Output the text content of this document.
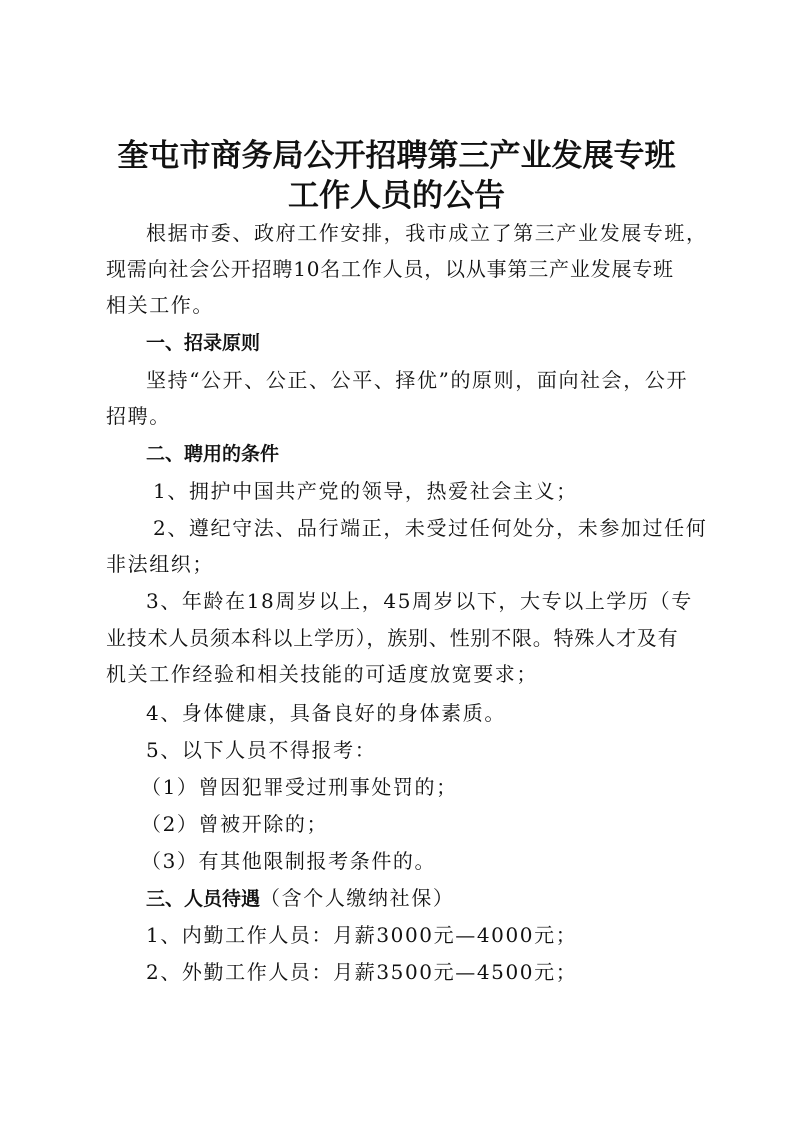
奎屯市商务局公开招聘第三产业发展专班
工作人员的公告
根据市委、政府工作安排，我市成立了第三产业发展专班，
现需向社会公开招聘10名工作人员，以从事第三产业发展专班
相关工作。
一、招录原则
坚持“公开、公正、公平、择优”的原则，面向社会，公开
招聘。
二、聘用的条件
1、拥护中国共产党的领导，热爱社会主义；
2、遵纪守法、品行端正，未受过任何处分，未参加过任何
非法组织；
3、年龄在18周岁以上，45周岁以下，大专以上学历（专
业技术人员须本科以上学历），族别、性别不限。特殊人才及有
机关工作经验和相关技能的可适度放宽要求；
4、身体健康，具备良好的身体素质。
5、以下人员不得报考：
（1）曾因犯罪受过刑事处罚的；
（2）曾被开除的；
（3）有其他限制报考条件的。
三、人员待遇（含个人缴纳社保）
1、内勤工作人员：月薪3000元—4000元；
2、外勤工作人员：月薪3500元—4500元；
